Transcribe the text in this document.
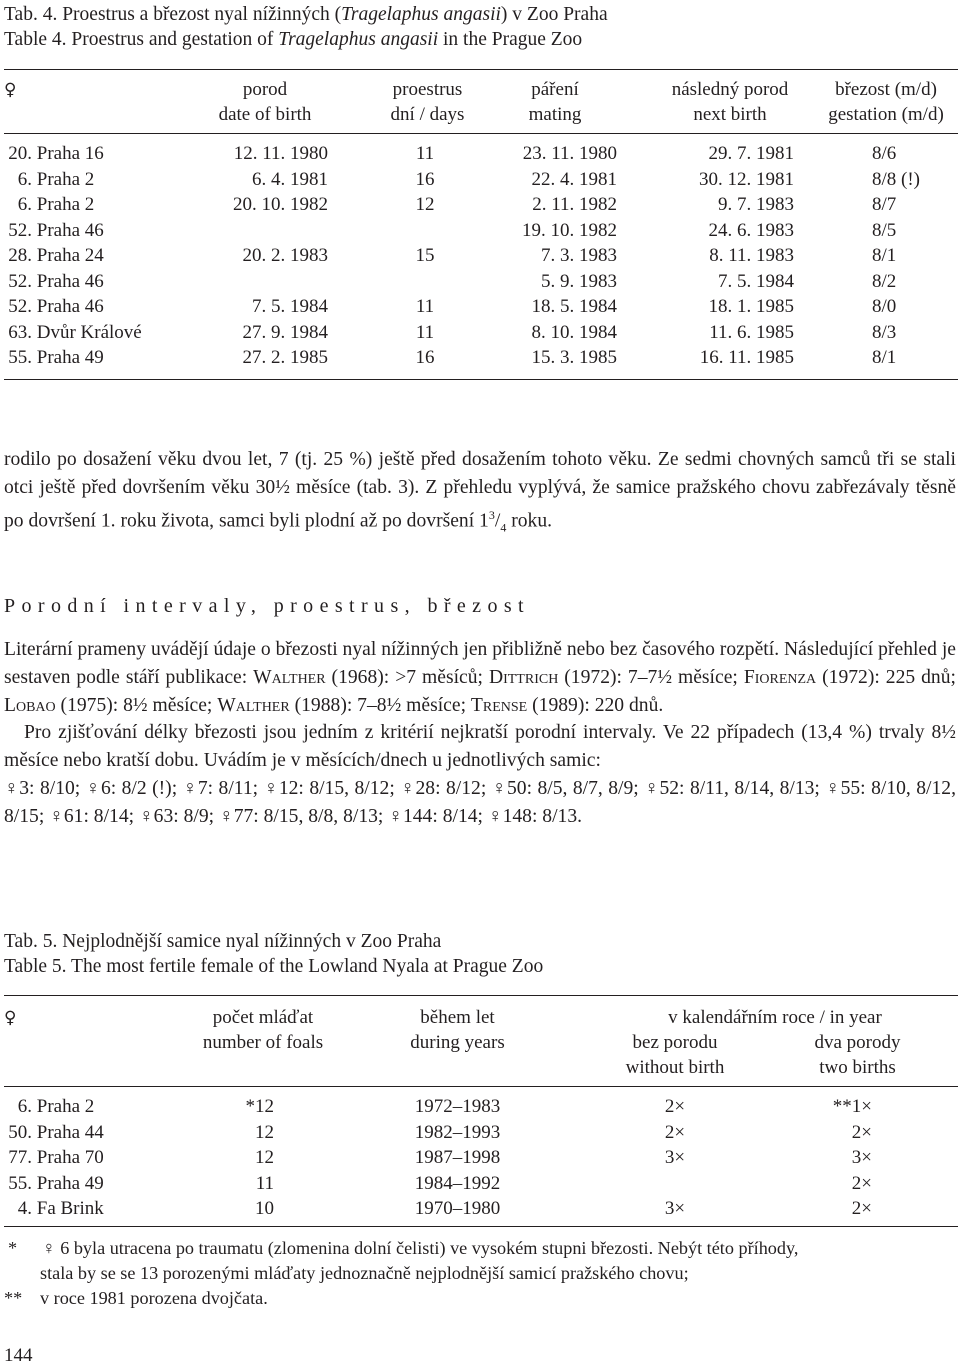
Tab. 4. Proestrus a březost nyal nížinných (Tragelaphus angasii) v Zoo Praha
Table 4. Proestrus and gestation of Tragelaphus angasii in the Prague Zoo
♀	porod
date of birth
proestrus
dní / days
páření
mating
následný porod
next birth
březost (m/d)
gestation (m/d)
20. Praha 16
6. Praha 2
6. Praha 2
52. Praha 46
28. Praha 24
52. Praha 46
52. Praha 46
63. Dvůr Králové
55. Praha 49
12. 11. 1980
6. 4. 1981
20. 10. 1982
20. 2. 1983
7. 5. 1984
27. 9. 1984
27. 2. 1985
11
16
12
15
11
11
16
23. 11. 1980
22. 4. 1981
2. 11. 1982
19. 10. 1982
7. 3. 1983
5. 9. 1983
18. 5. 1984
8. 10. 1984
15. 3. 1985
29. 7. 1981
30. 12. 1981
9. 7. 1983
24. 6. 1983
8. 11. 1983
7. 5. 1984
18. 1. 1985
11. 6. 1985
16. 11. 1985
8/6
8/8 (!)
8/7
8/5
8/1
8/2
8/0
8/3
8/1

rodilo po dosažení věku dvou let, 7 (tj. 25 %) ještě před dosažením tohoto věku. Ze sedmi chovných samců tři se stali otci ještě před dovršením věku 30½ měsíce (tab. 3). Z přehledu vyplývá, že samice pražského chovu zabřezávaly těsně po dovršení 1. roku života, samci byli plodní až po dovršení $1^3/_4$ roku.

Porodní intervaly, proestrus, březost

Literární prameny uvádějí údaje o březosti nyal nížinných jen přibližně nebo bez časového rozpětí. Následující přehled je sestaven podle stáří publikace: Walther (1968): >7 měsíců; Dittrich (1972): 7–7½ měsíce; Fiorenza (1972): 225 dnů; Lobao (1975): 8½ měsíce; Walther (1988): 7–8½ měsíce; Trense (1989): 220 dnů.

Pro zjišťování délky březosti jsou jedním z kritérií nejkratší porodní intervaly. Ve 22 případech (13,4 %) trvaly 8½ měsíce nebo kratší dobu. Uvádím je v měsících/dnech u jednotlivých samic:

♀3: 8/10; ♀6: 8/2 (!); ♀7: 8/11; ♀12: 8/15, 8/12; ♀28: 8/12; ♀50: 8/5, 8/7, 8/9; ♀52: 8/11, 8/14, 8/13; ♀55: 8/10, 8/12, 8/15; ♀61: 8/14; ♀63: 8/9; ♀77: 8/15, 8/8, 8/13; ♀144: 8/14; ♀148: 8/13.

Tab. 5. Nejplodnější samice nyal nížinných v Zoo Praha
Table 5. The most fertile female of the Lowland Nyala at Prague Zoo
♀	počet mláďat
number of foals
během let
during years
v kalendářním roce / in year
bez porodu
without birth
dva porody
two births
6. Praha 2
50. Praha 44
77. Praha 70
55. Praha 49
4. Fa Brink
*12
12
12
11
10
1972–1983
1982–1993
1987–1998
1984–1992
1970–1980
2×
2×
3×
3×
**1×
2×
3×
2×
2×
* ♀ 6 byla utracena po traumatu (zlomenina dolní čelisti) ve vysokém stupni březosti. Nebýt této příhody,
stala by se se 13 porozenými mláďaty jednoznačně nejplodnější samicí pražského chovu;
** v roce 1981 porozena dvojčata.
144
